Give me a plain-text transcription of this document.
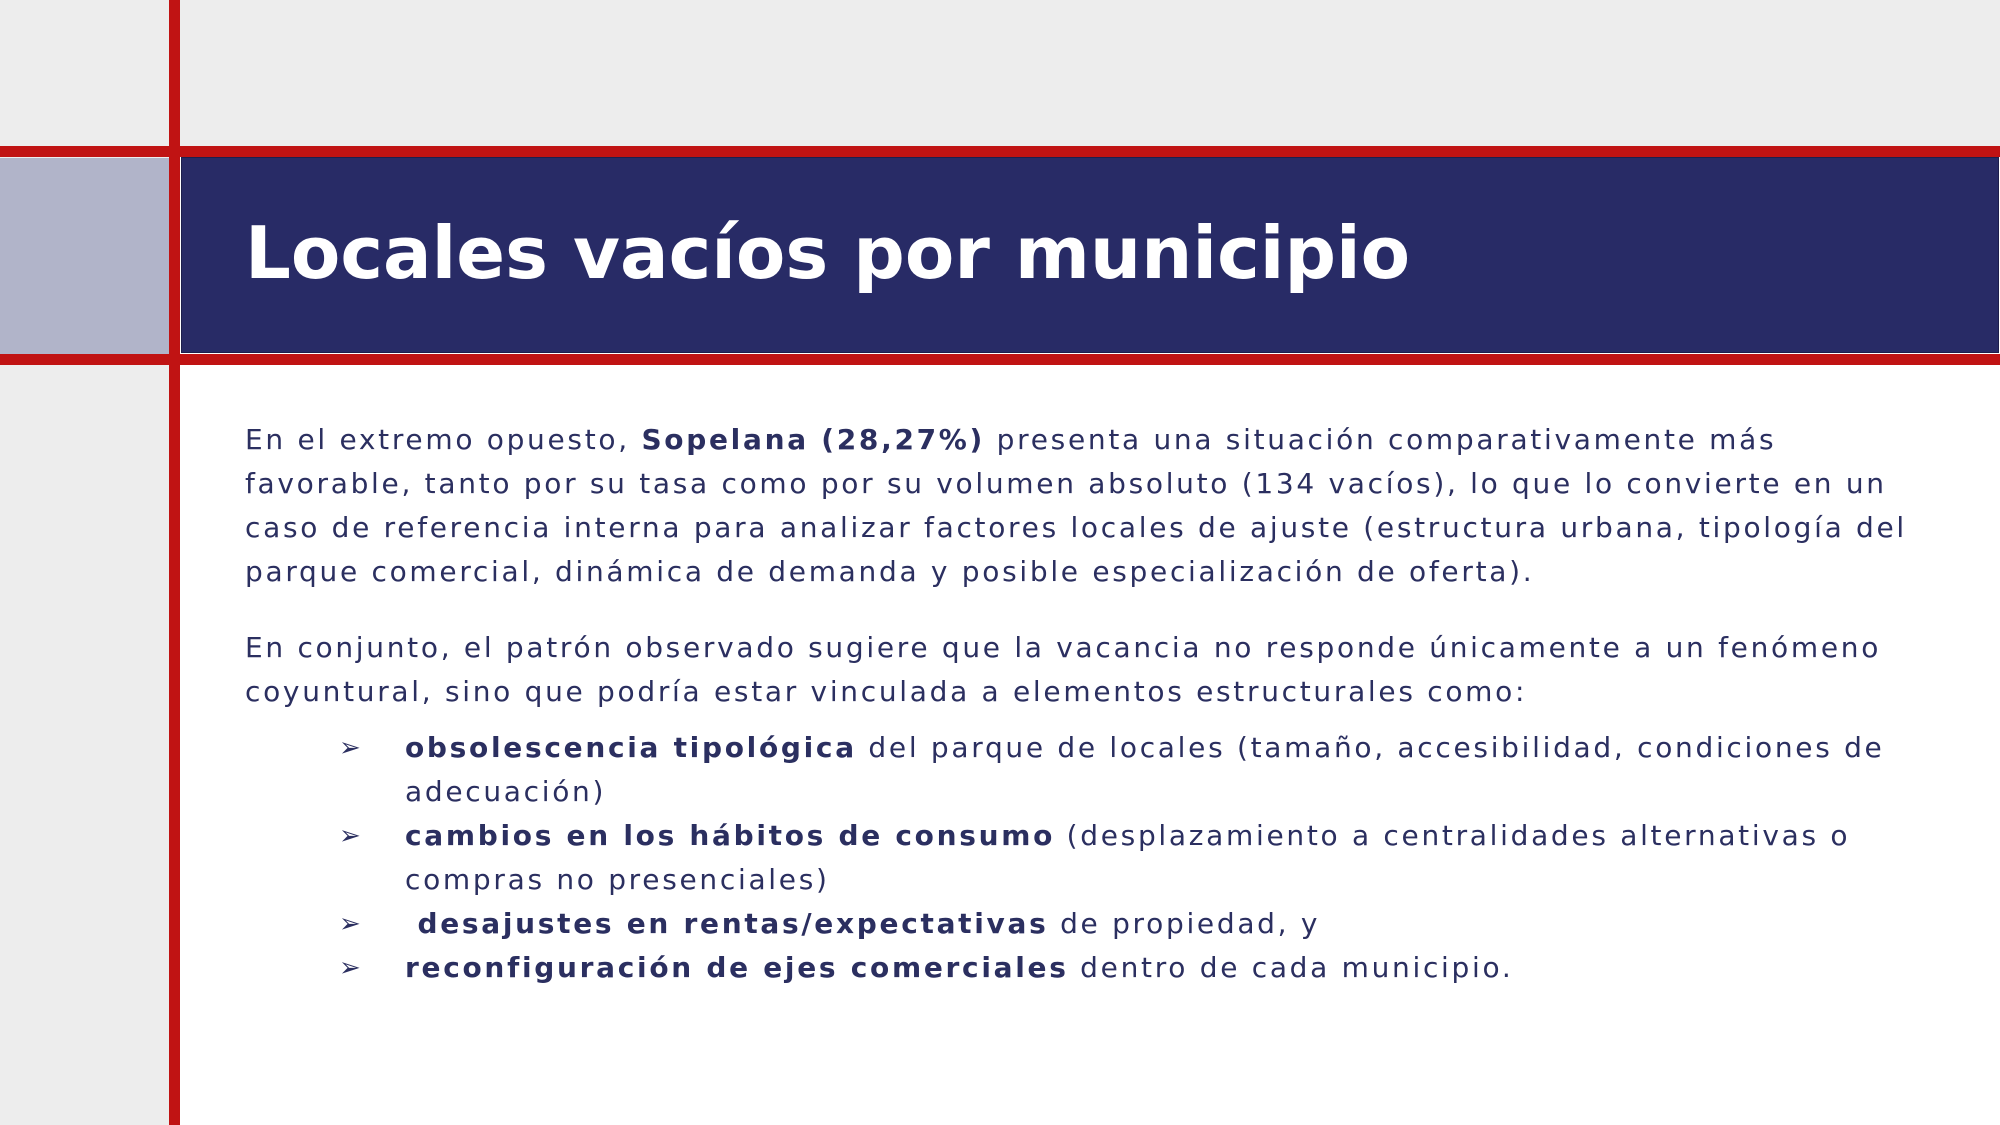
Locales vacíos por municipio

En el extremo opuesto, Sopelana (28,27%) presenta una situación comparativamente más favorable, tanto por su tasa como por su volumen absoluto (134 vacíos), lo que lo convierte en un caso de referencia interna para analizar factores locales de ajuste (estructura urbana, tipología del parque comercial, dinámica de demanda y posible especialización de oferta).

En conjunto, el patrón observado sugiere que la vacancia no responde únicamente a un fenómeno coyuntural, sino que podría estar vinculada a elementos estructurales como:

➢ obsolescencia tipológica del parque de locales (tamaño, accesibilidad, condiciones de adecuación)
➢ cambios en los hábitos de consumo (desplazamiento a centralidades alternativas o compras no presenciales)
➢ desajustes en rentas/expectativas de propiedad, y
➢ reconfiguración de ejes comerciales dentro de cada municipio.
